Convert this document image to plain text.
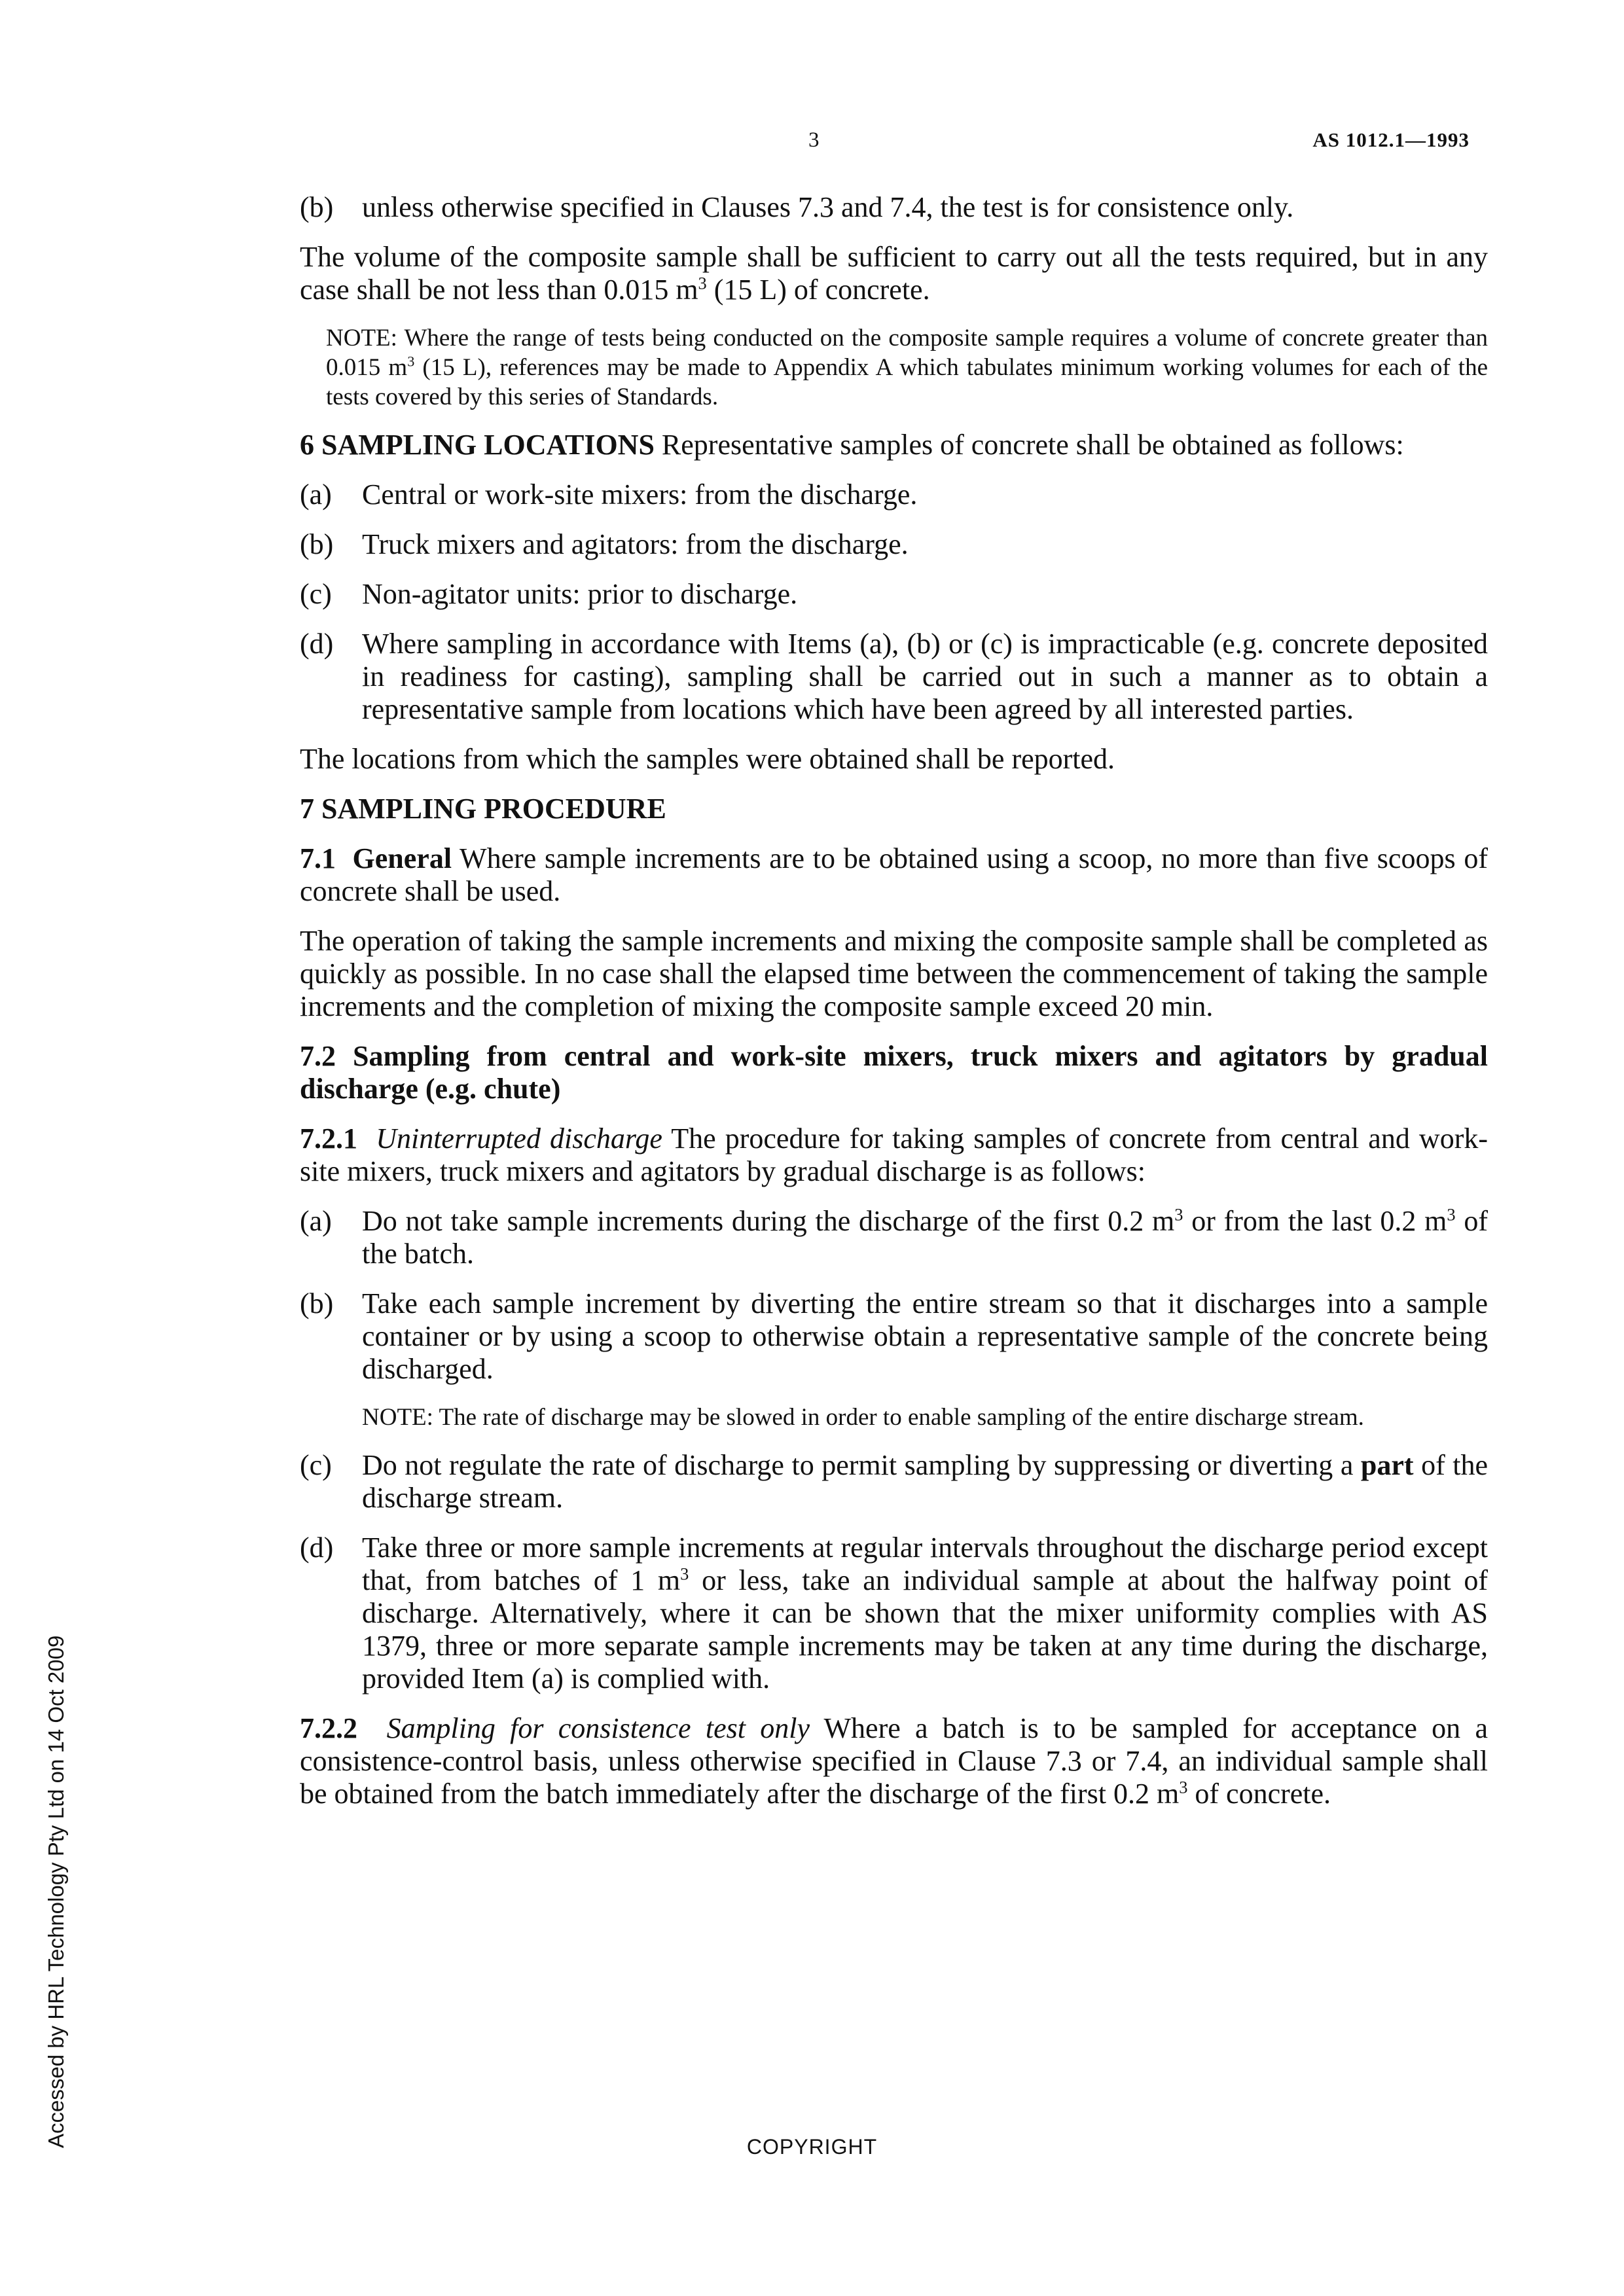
3	AS 1012.1—1993
(b) unless otherwise specified in Clauses 7.3 and 7.4, the test is for consistence only.

The volume of the composite sample shall be sufficient to carry out all the tests required, but in any case shall be not less than 0.015 $m^3$ (15 L) of concrete.

NOTE: Where the range of tests being conducted on the composite sample requires a volume of concrete greater than 0.015 $m^3$ (15 L), references may be made to Appendix A which tabulates minimum working volumes for each of the tests covered by this series of Standards.

6 SAMPLING LOCATIONS Representative samples of concrete shall be obtained as follows:

(a)	Central or work-site mixers: from the discharge.
(b) Truck mixers and agitators: from the discharge.
(c)	Non-agitator units: prior to discharge.
(d) Where sampling in accordance with Items (a), (b) or (c) is impracticable (e.g. concrete deposited in readiness for casting), sampling shall be carried out in such a manner as to obtain a representative sample from locations which have been agreed by all interested parties.

The locations from which the samples were obtained shall be reported.

7 SAMPLING PROCEDURE

7.1 General Where sample increments are to be obtained using a scoop, no more than five scoops of concrete shall be used.

The operation of taking the sample increments and mixing the composite sample shall be completed as quickly as possible. In no case shall the elapsed time between the commencement of taking the sample increments and the completion of mixing the composite sample exceed 20 min.

7.2 Sampling from central and work-site mixers, truck mixers and agitators by gradual discharge (e.g. chute)

7.2.1 Uninterrupted discharge The procedure for taking samples of concrete from central and work-site mixers, truck mixers and agitators by gradual discharge is as follows:

(a)	Do not take sample increments during the discharge of the first 0.2 $m^3$ or from the last 0.2 $m^3$ of the batch.
(b) Take each sample increment by diverting the entire stream so that it discharges into a sample container or by using a scoop to otherwise obtain a representative sample of the concrete being discharged.
NOTE: The rate of discharge may be slowed in order to enable sampling of the entire discharge stream.
(c)	Do not regulate the rate of discharge to permit sampling by suppressing or diverting a part of the discharge stream.
(d) Take three or more sample increments at regular intervals throughout the discharge period except that, from batches of 1 $m^3$ or less, take an individual sample at about the halfway point of discharge. Alternatively, where it can be shown that the mixer uniformity complies with AS 1379, three or more separate sample increments may be taken at any time during the discharge, provided Item (a) is complied with.

7.2.2 Sampling for consistence test only Where a batch is to be sampled for acceptance on a consistence-control basis, unless otherwise specified in Clause 7.3 or 7.4, an individual sample shall be obtained from the batch immediately after the discharge of the first 0.2 $m^3$ of concrete.

COPYRIGHT
Accessed by HRL Technology Pty Ltd on 14 Oct 2009
